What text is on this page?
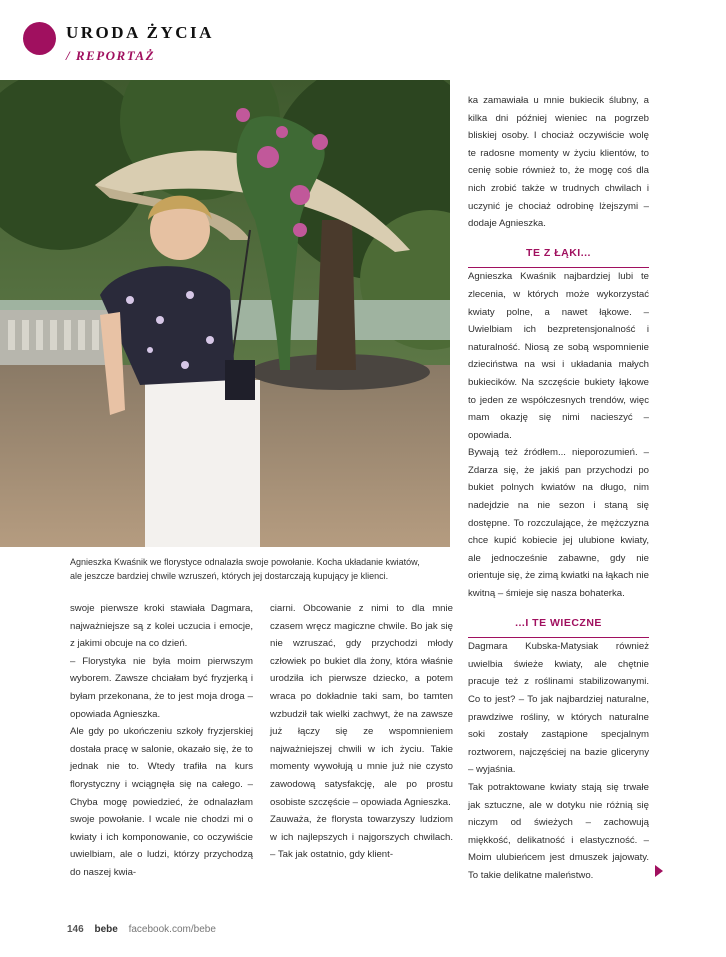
URODA ŻYCIA
/ REPORTAŻ
Agnieszka Kwaśnik we florystyce odnalazła swoje powołanie. Kocha układanie kwiatów,
ale jeszcze bardziej chwile wzruszeń, których jej dostarczają kupujący je klienci.

swoje pierwsze kroki stawiała Dagmara, najważniejsze są z kolei uczucia i emocje, z jakimi obcuje na co dzień.

– Florystyka nie była moim pierwszym wyborem. Zawsze chciałam być fryzjerką i byłam przekonana, że to jest moja droga – opowiada Agnieszka.

Ale gdy po ukończeniu szkoły fryzjerskiej dostała pracę w salonie, okazało się, że to jednak nie to. Wtedy trafiła na kurs florystyczny i wciągnęła się na całego. – Chyba mogę powiedzieć, że odnalazłam swoje powołanie. I wcale nie chodzi mi o kwiaty i ich komponowanie, co oczywiście uwielbiam, ale o ludzi, którzy przychodzą do naszej kwia-

ciarni. Obcowanie z nimi to dla mnie czasem wręcz magiczne chwile. Bo jak się nie wzruszać, gdy przychodzi młody człowiek po bukiet dla żony, która właśnie urodziła ich pierwsze dziecko, a potem wraca po dokładnie taki sam, bo tamten wzbudził tak wielki zachwyt, że na zawsze już łączy się ze wspomnieniem najważniejszej chwili w ich życiu. Takie momenty wywołują u mnie już nie czysto zawodową satysfakcję, ale po prostu osobiste szczęście – opowiada Agnieszka.

Zauważa, że florysta towarzyszy ludziom w ich najlepszych i najgorszych chwilach. – Tak jak ostatnio, gdy klient-

ka zamawiała u mnie bukiecik ślubny, a kilka dni później wieniec na pogrzeb bliskiej osoby. I chociaż oczywiście wolę te radosne momenty w życiu klientów, to cenię sobie również to, że mogę coś dla nich zrobić także w trudnych chwilach i uczynić je chociaż odrobinę lżejszymi – dodaje Agnieszka.

TE Z ŁĄKI...

Agnieszka Kwaśnik najbardziej lubi te zlecenia, w których może wykorzystać kwiaty polne, a nawet łąkowe. – Uwielbiam ich bezpretensjonalność i naturalność. Niosą ze sobą wspomnienie dzieciństwa na wsi i układania małych bukiecików. Na szczęście bukiety łąkowe to jeden ze współczesnych trendów, więc mam okazję się nimi nacieszyć – opowiada.

Bywają też źródłem... nieporozumień. – Zdarza się, że jakiś pan przychodzi po bukiet polnych kwiatów na długo, nim nadejdzie na nie sezon i staną się dostępne. To rozczulające, że mężczyzna chce kupić kobiecie jej ulubione kwiaty, ale jednocześnie zabawne, gdy nie orientuje się, że zimą kwiatki na łąkach nie kwitną – śmieje się nasza bohaterka.

...I TE WIECZNE

Dagmara Kubska-Matysiak również uwielbia świeże kwiaty, ale chętnie pracuje też z roślinami stabilizowanymi. Co to jest? – To jak najbardziej naturalne, prawdziwe rośliny, w których naturalne soki zostały zastąpione specjalnym roztworem, najczęściej na bazie gliceryny – wyjaśnia.

Tak potraktowane kwiaty stają się trwałe jak sztuczne, ale w dotyku nie różnią się niczym od świeżych – zachowują miękkość, delikatność i elastyczność. – Moim ulubieńcem jest dmuszek jajowaty. To takie delikatne maleństwo.

146 bebe facebook.com/bebe
